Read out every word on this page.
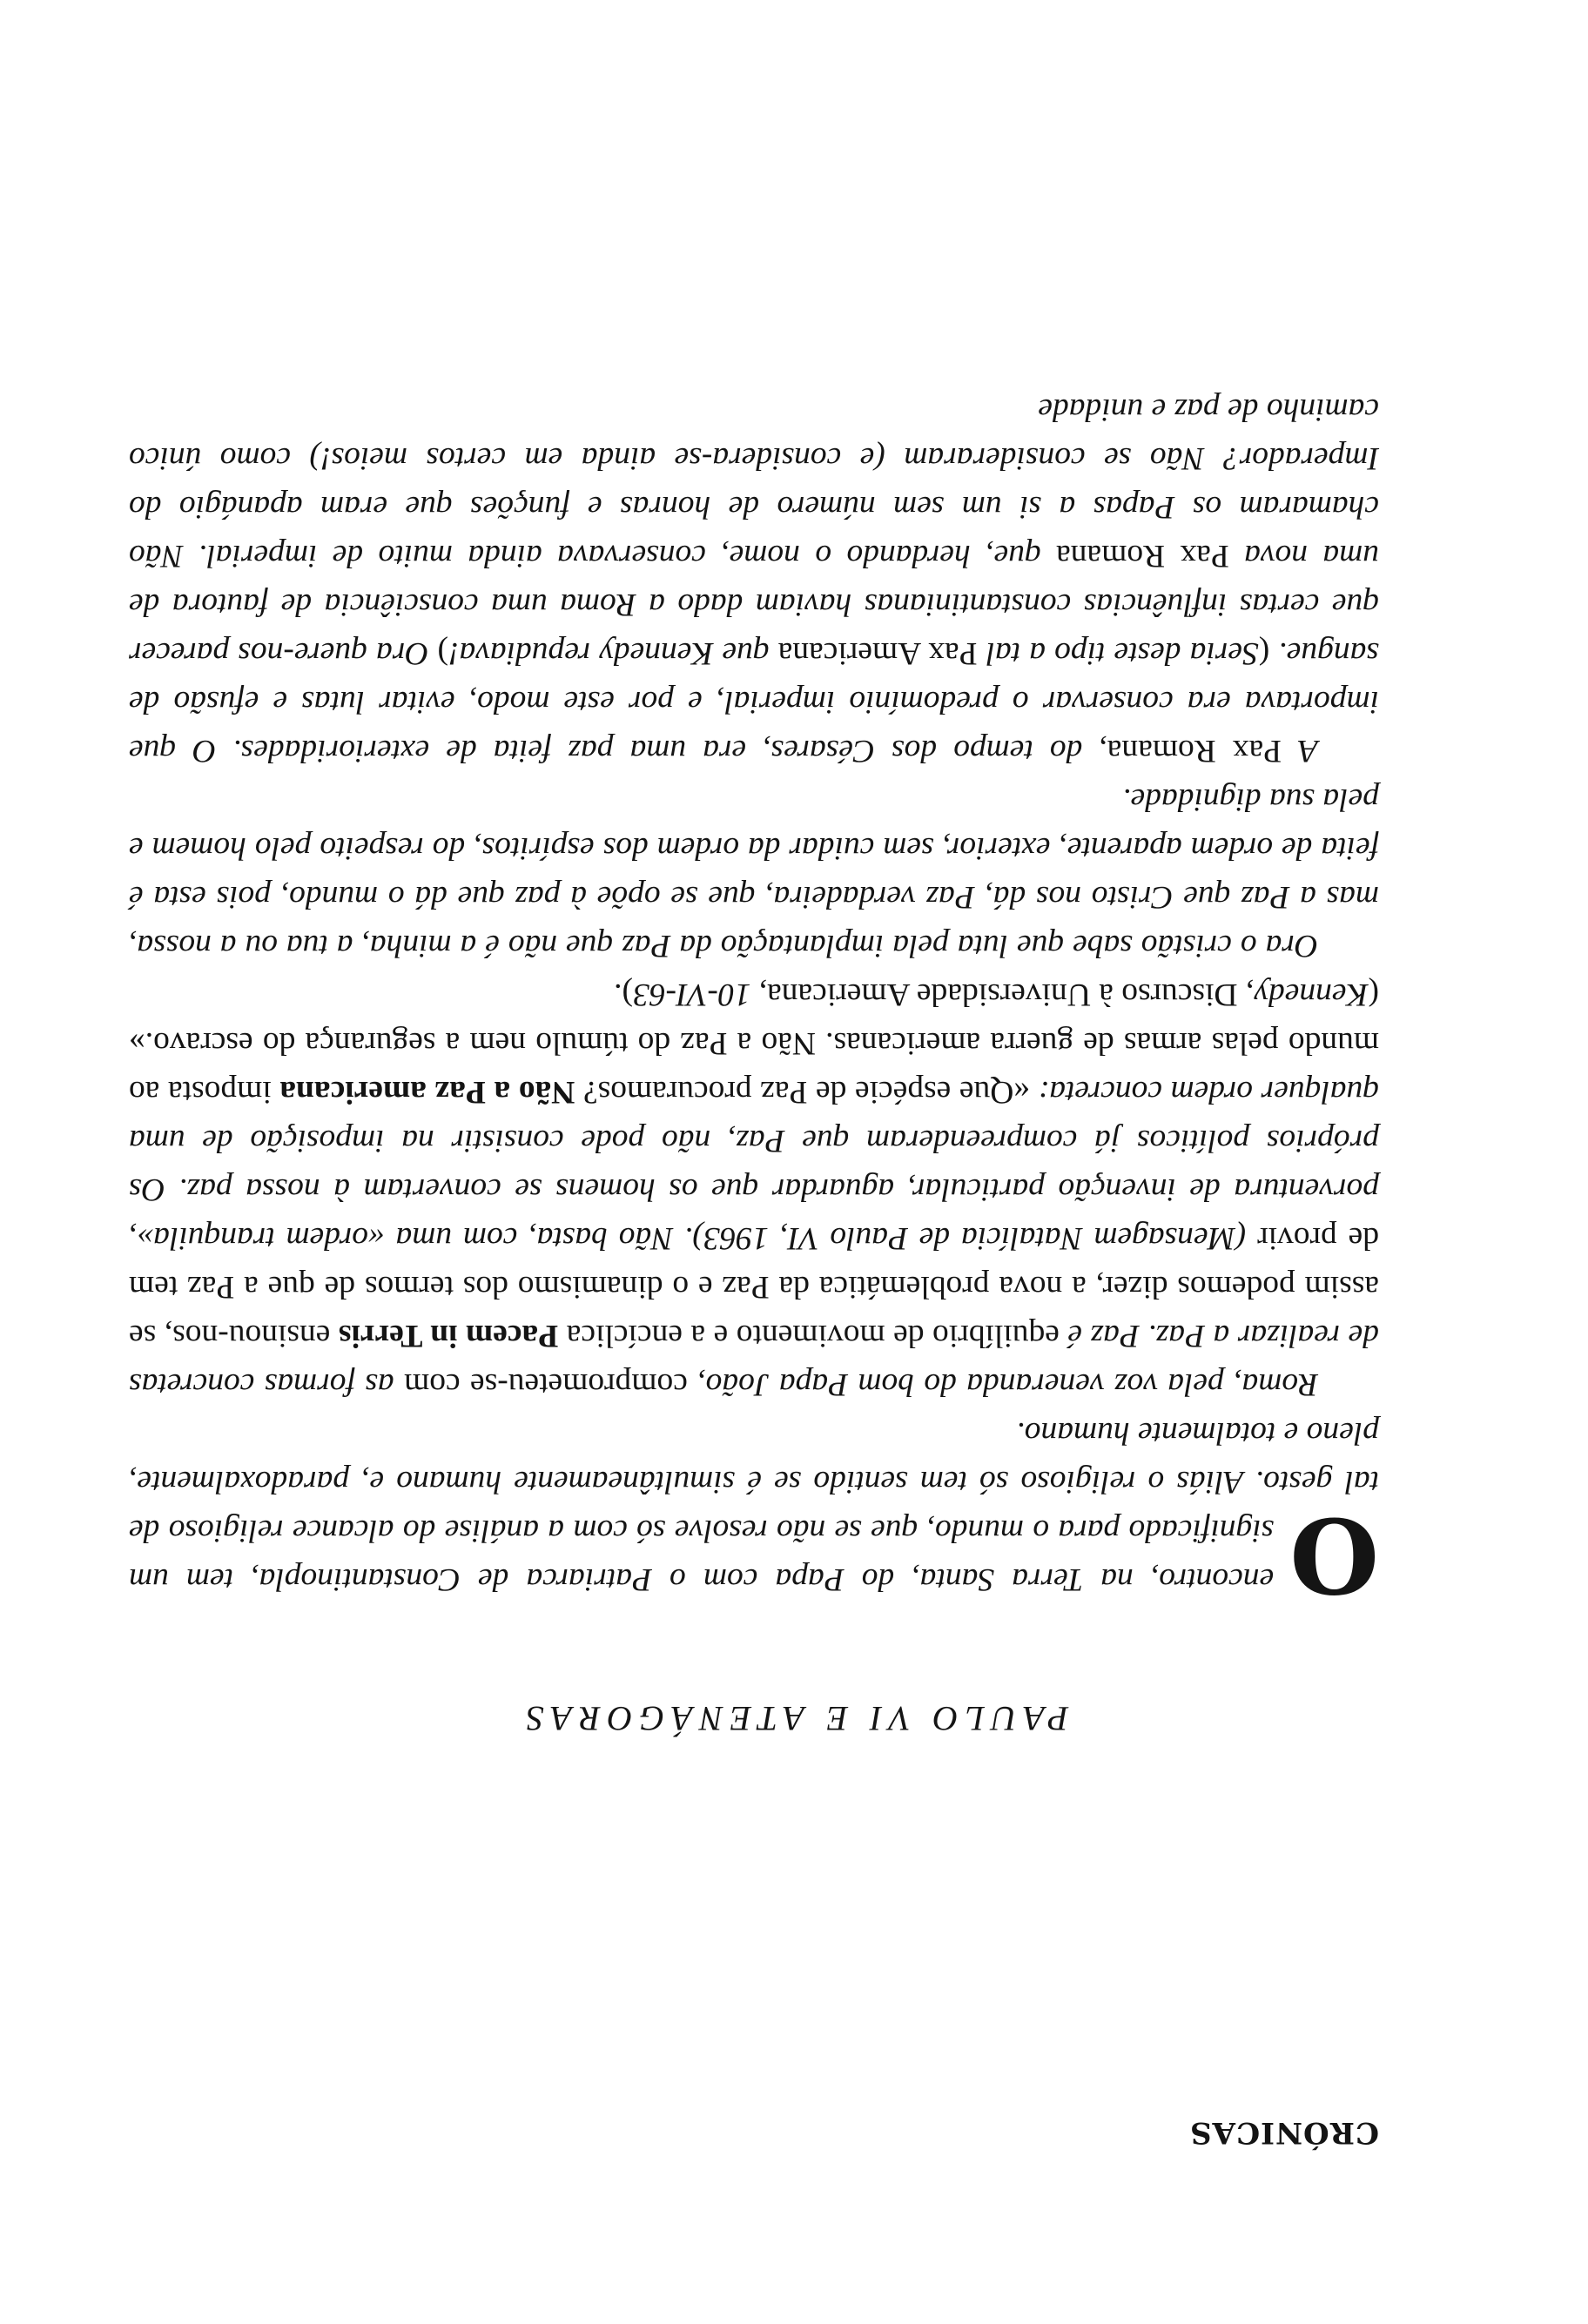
CRÓNICAS
PAULO VI E ATENÁGORAS

O
encontro, na Terra Santa, do Papa com o Patriarca de Constantinopla, tem um significado para o mundo, que se não resolve só com a análise do alcance religioso de tal gesto. Aliás o religioso só tem sentido se é simultâneamente humano e, paradoxalmente, pleno e totalmente humano.

Roma, pela voz veneranda do bom Papa João, comprometeu-se com as formas concretas de realizar a Paz. Paz é equilíbrio de movimento e a encíclica Pacem in Terris ensinou-nos, se assim podemos dizer, a nova problemática da Paz e o dinamismo dos termos de que a Paz tem de provir (Mensagem Natalícia de Paulo VI, 1963). Não basta, com uma «ordem tranquila», porventura de invenção particular, aguardar que os homens se convertam à nossa paz. Os próprios políticos já compreenderam que Paz, não pode consistir na imposição de uma qualquer ordem concreta: «Que espécie de Paz procuramos? Não a Paz americana imposta ao mundo pelas armas de guerra americanas. Não a Paz do túmulo nem a segurança do escravo.» (Kennedy, Discurso à Universidade Americana, 10-VI-63).

Ora o cristão sabe que luta pela implantação da Paz que não é a minha, a tua ou a nossa, mas a Paz que Cristo nos dá, Paz verdadeira, que se opõe à paz que dá o mundo, pois esta é feita de ordem aparente, exterior, sem cuidar da ordem dos espíritos, do respeito pelo homem e pela sua dignidade.

A Pax Romana, do tempo dos Césares, era uma paz feita de exterioridades. O que importava era conservar o predomínio imperial, e por este modo, evitar lutas e efusão de sangue. (Seria deste tipo a tal Pax Americana que Kennedy repudiava!) Ora quere-nos parecer que certas influências constantinianas haviam dado a Roma uma consciência de fautora de uma nova Pax Romana que, herdando o nome, conservava ainda muito de imperial. Não chamaram os Papas a si um sem número de honras e funções que eram apanágio do Imperador? Não se consideraram (e considera-se ainda em certos meios!) como único caminho de paz e unidade
